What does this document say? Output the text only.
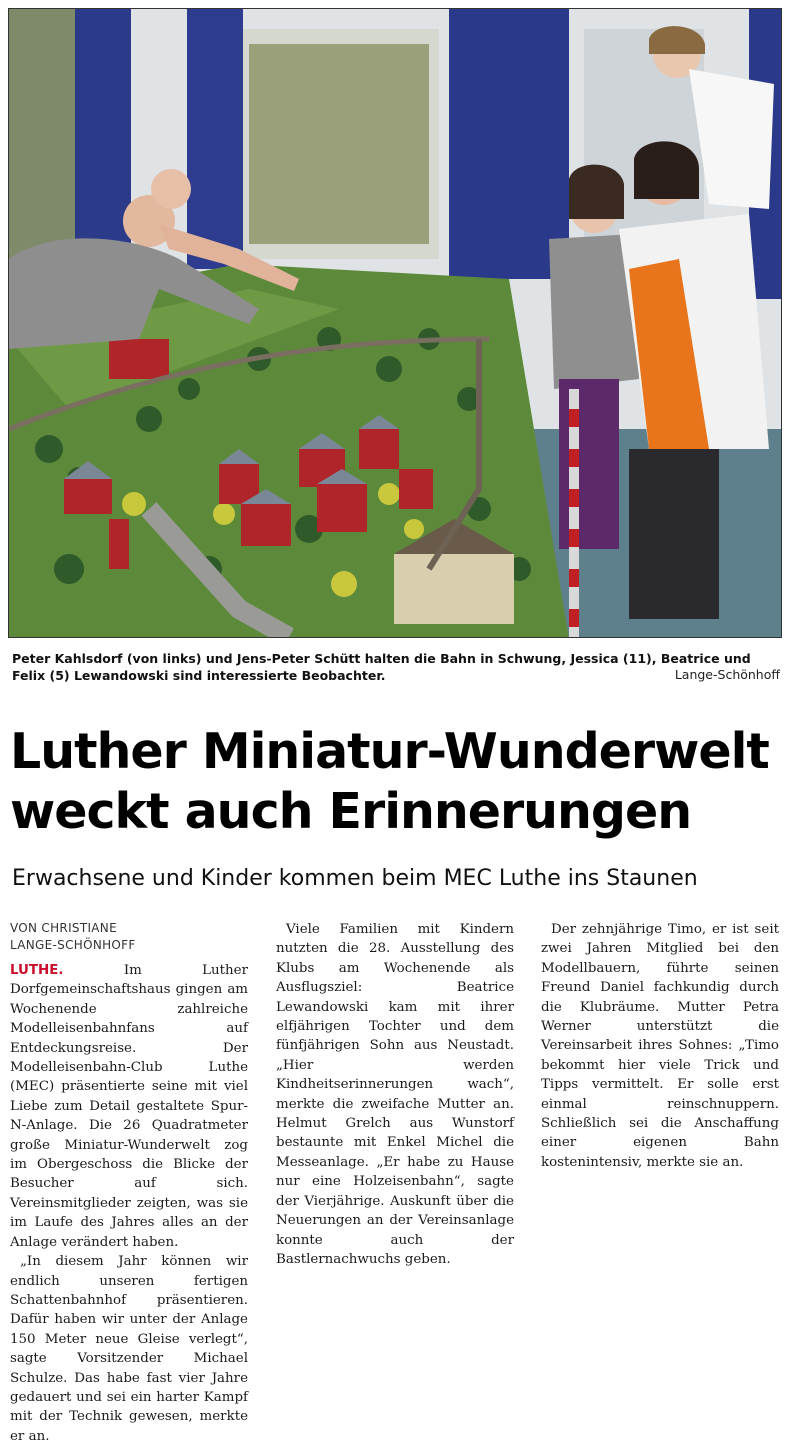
Peter Kahlsdorf (von links) und Jens-Peter Schütt halten die Bahn in Schwung, Jessica (11), Beatrice und Felix (5) Lewandowski sind interessierte Beobachter.	Lange-Schönhoff
Luther Miniatur-Wunderwelt
weckt auch Erinnerungen
Erwachsene und Kinder kommen beim MEC Luthe ins Staunen
VON CHRISTIANE
LANGE-SCHÖNHOFF

LUTHE. Im Luther Dorfgemeinschaftshaus gingen am Wochenende zahlreiche Modelleisenbahnfans auf Entdeckungsreise. Der Modelleisenbahn-Club Luthe (MEC) präsentierte seine mit viel Liebe zum Detail gestaltete Spur-N-Anlage. Die 26 Quadratmeter große Miniatur-Wunderwelt zog im Obergeschoss die Blicke der Besucher auf sich. Vereinsmitglieder zeigten, was sie im Laufe des Jahres alles an der Anlage verändert haben.

„In diesem Jahr können wir endlich unseren fertigen Schattenbahnhof präsentieren. Dafür haben wir unter der Anlage 150 Meter neue Gleise verlegt“, sagte Vorsitzender Michael Schulze. Das habe fast vier Jahre gedauert und sei ein harter Kampf mit der Technik gewesen, merkte er an.

Viele Familien mit Kindern nutzten die 28. Ausstellung des Klubs am Wochenende als Ausflugsziel: Beatrice Lewandowski kam mit ihrer elfjährigen Tochter und dem fünfjährigen Sohn aus Neustadt. „Hier werden Kindheitserinnerungen wach“, merkte die zweifache Mutter an. Helmut Grelch aus Wunstorf bestaunte mit Enkel Michel die Messeanlage. „Er habe zu Hause nur eine Holzeisenbahn“, sagte der Vierjährige. Auskunft über die Neuerungen an der Vereinsanlage konnte auch der Bastlernachwuchs geben.

Der zehnjährige Timo, er ist seit zwei Jahren Mitglied bei den Modellbauern, führte seinen Freund Daniel fachkundig durch die Klubräume. Mutter Petra Werner unterstützt die Vereinsarbeit ihres Sohnes: „Timo bekommt hier viele Trick und Tipps vermittelt. Er solle erst einmal reinschnuppern. Schließlich sei die Anschaffung einer eigenen Bahn kostenintensiv, merkte sie an.
